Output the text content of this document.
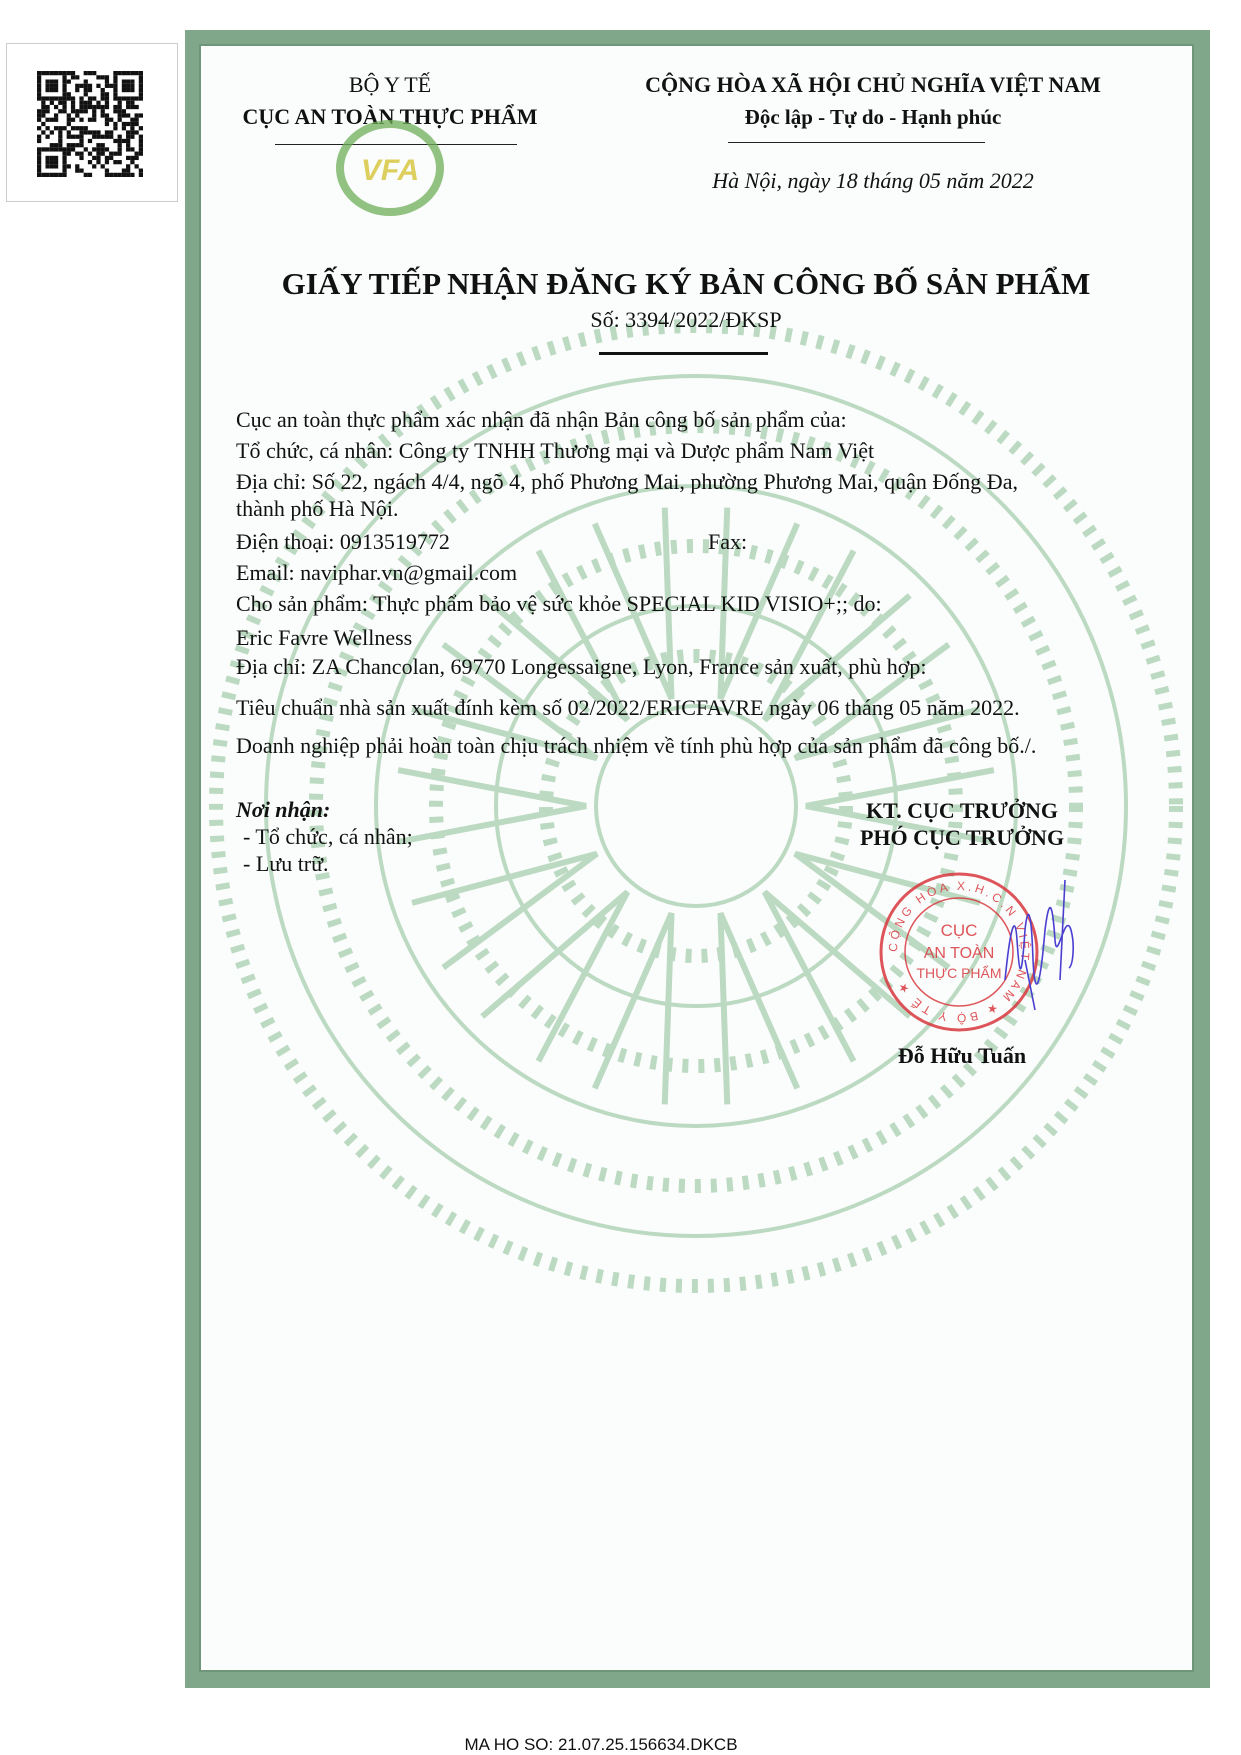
BỘ Y TẾ
CỤC AN TOÀN THỰC PHẨM
VFA
CỘNG HÒA XÃ HỘI CHỦ NGHĨA VIỆT NAM
Độc lập - Tự do - Hạnh phúc
Hà Nội, ngày 18 tháng 05 năm 2022
GIẤY TIẾP NHẬN ĐĂNG KÝ BẢN CÔNG BỐ SẢN PHẨM
Số: 3394/2022/ĐKSP
Cục an toàn thực phẩm xác nhận đã nhận Bản công bố sản phẩm của:
Tổ chức, cá nhân: Công ty TNHH Thương mại và Dược phẩm Nam Việt
Địa chỉ: Số 22, ngách 4/4, ngõ 4, phố Phương Mai, phường Phương Mai, quận Đống Đa,
thành phố Hà Nội.
Điện thoại: 0913519772	Fax:
Email: naviphar.vn@gmail.com
Cho sản phẩm: Thực phẩm bảo vệ sức khỏe SPECIAL KID VISIO+;; do:
Eric Favre Wellness
Địa chỉ: ZA Chancolan, 69770 Longessaigne, Lyon, France sản xuất, phù hợp:
Tiêu chuẩn nhà sản xuất đính kèm số 02/2022/ERICFAVRE ngày 06 tháng 05 năm 2022.
Doanh nghiệp phải hoàn toàn chịu trách nhiệm về tính phù hợp của sản phẩm đã công bố./.
Nơi nhận:
- Tổ chức, cá nhân;
- Lưu trữ.
KT. CỤC TRƯỞNG
PHÓ CỤC TRƯỞNG
CỘNG HÒA X.H.C.N VIỆT NAM ★ BỘ Y TẾ ★
CỤC
AN TOÀN
THỰC PHẨM
Đỗ Hữu Tuấn
MA HO SO: 21.07.25.156634.DKCB
